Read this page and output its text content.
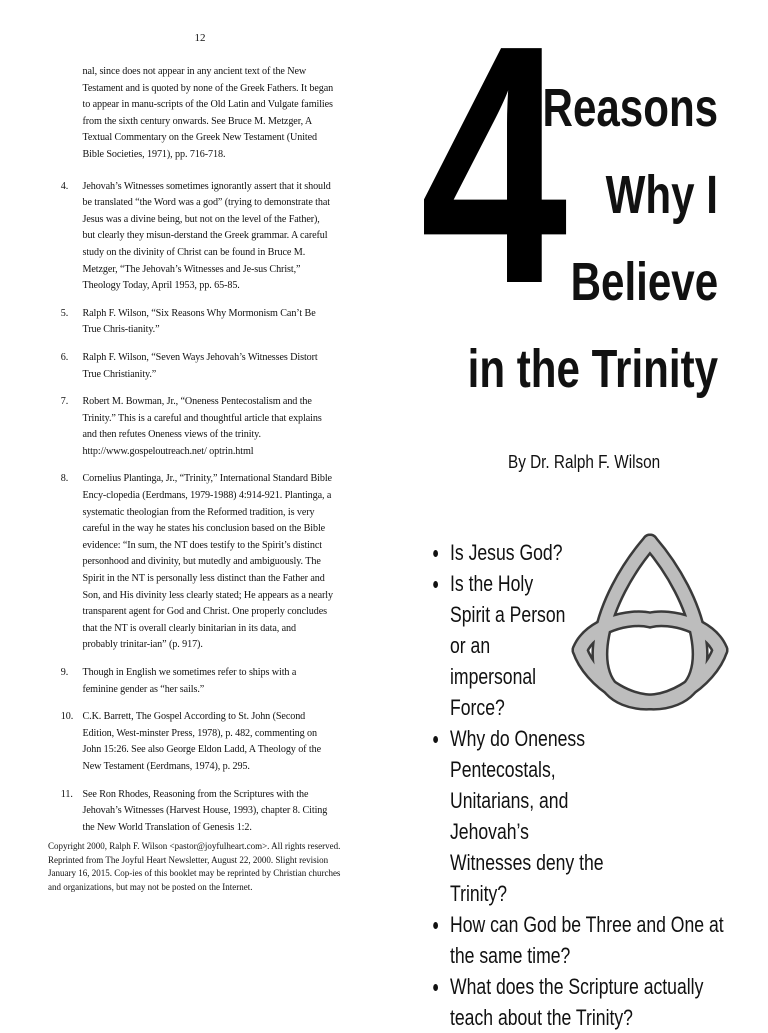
12
nal, since does not appear in any ancient text of the New Testament and is quoted by none of the Greek Fathers. It began to appear in manu-scripts of the Old Latin and Vulgate families from the sixth century onwards. See Bruce M. Metzger, A Textual Commentary on the Greek New Testament (United Bible Societies, 1971), pp. 716-718.
4.	Jehovah’s Witnesses sometimes ignorantly assert that it should be translated “the Word was a god” (trying to demonstrate that Jesus was a divine being, but not on the level of the Father), but clearly they misun-derstand the Greek grammar. A careful study on the divinity of Christ can be found in Bruce M. Metzger, “The Jehovah’s Witnesses and Je-sus Christ,” Theology Today, April 1953, pp. 65-85.
5.	Ralph F. Wilson, “Six Reasons Why Mormonism Can’t Be True Chris-tianity.”
6.	Ralph F. Wilson, “Seven Ways Jehovah’s Witnesses Distort True Christianity.”
7.	Robert M. Bowman, Jr., “Oneness Pentecostalism and the Trinity.” This is a careful and thoughtful article that explains and then refutes Oneness views of the trinity. http://www.gospeloutreach.net/ optrin.html
8.	Cornelius Plantinga, Jr., “Trinity,” International Standard Bible Ency-clopedia (Eerdmans, 1979-1988) 4:914-921. Plantinga, a systematic theologian from the Reformed tradition, is very careful in the way he states his conclusion based on the Bible evidence: “In sum, the NT does testify to the Spirit’s distinct personhood and divinity, but mutedly and ambiguously. The Spirit in the NT is personally less distinct than the Father and Son, and His divinity less clearly stated; He appears as a nearly transparent agent for God and Christ. One properly concludes that the NT is overall clearly binitarian in its data, and probably trinitar-ian” (p. 917).
9.	Though in English we sometimes refer to ships with a feminine gender as “her sails.”
10. C.K. Barrett, The Gospel According to St. John (Second Edition, West-minster Press, 1978), p. 482, commenting on John 15:26. See also George Eldon Ladd, A Theology of the New Testament (Eerdmans, 1974), p. 295.
11. See Ron Rhodes, Reasoning from the Scriptures with the Jehovah’s Witnesses (Harvest House, 1993), chapter 8. Citing the New World Translation of Genesis 1:2.
Copyright 2000, Ralph F. Wilson <pastor@joyfulheart.com>. All rights reserved. Reprinted from The Joyful Heart Newsletter, August 22, 2000. Slight revision January 16, 2015. Cop-ies of this booklet may be reprinted by Christian churches and organizations, but may not be posted on the Internet.
4
Reasons
Why I
Believe
in the Trinity
By Dr. Ralph F. Wilson

Is Jesus God?

Is the Holy Spirit a Person or an impersonal Force?

Why do Oneness Pentecostals, Unitarians, and Jehovah’s Witnesses deny the Trinity?

How can God be Three and One at the same time?

What does the Scripture actually teach about the Trinity?
